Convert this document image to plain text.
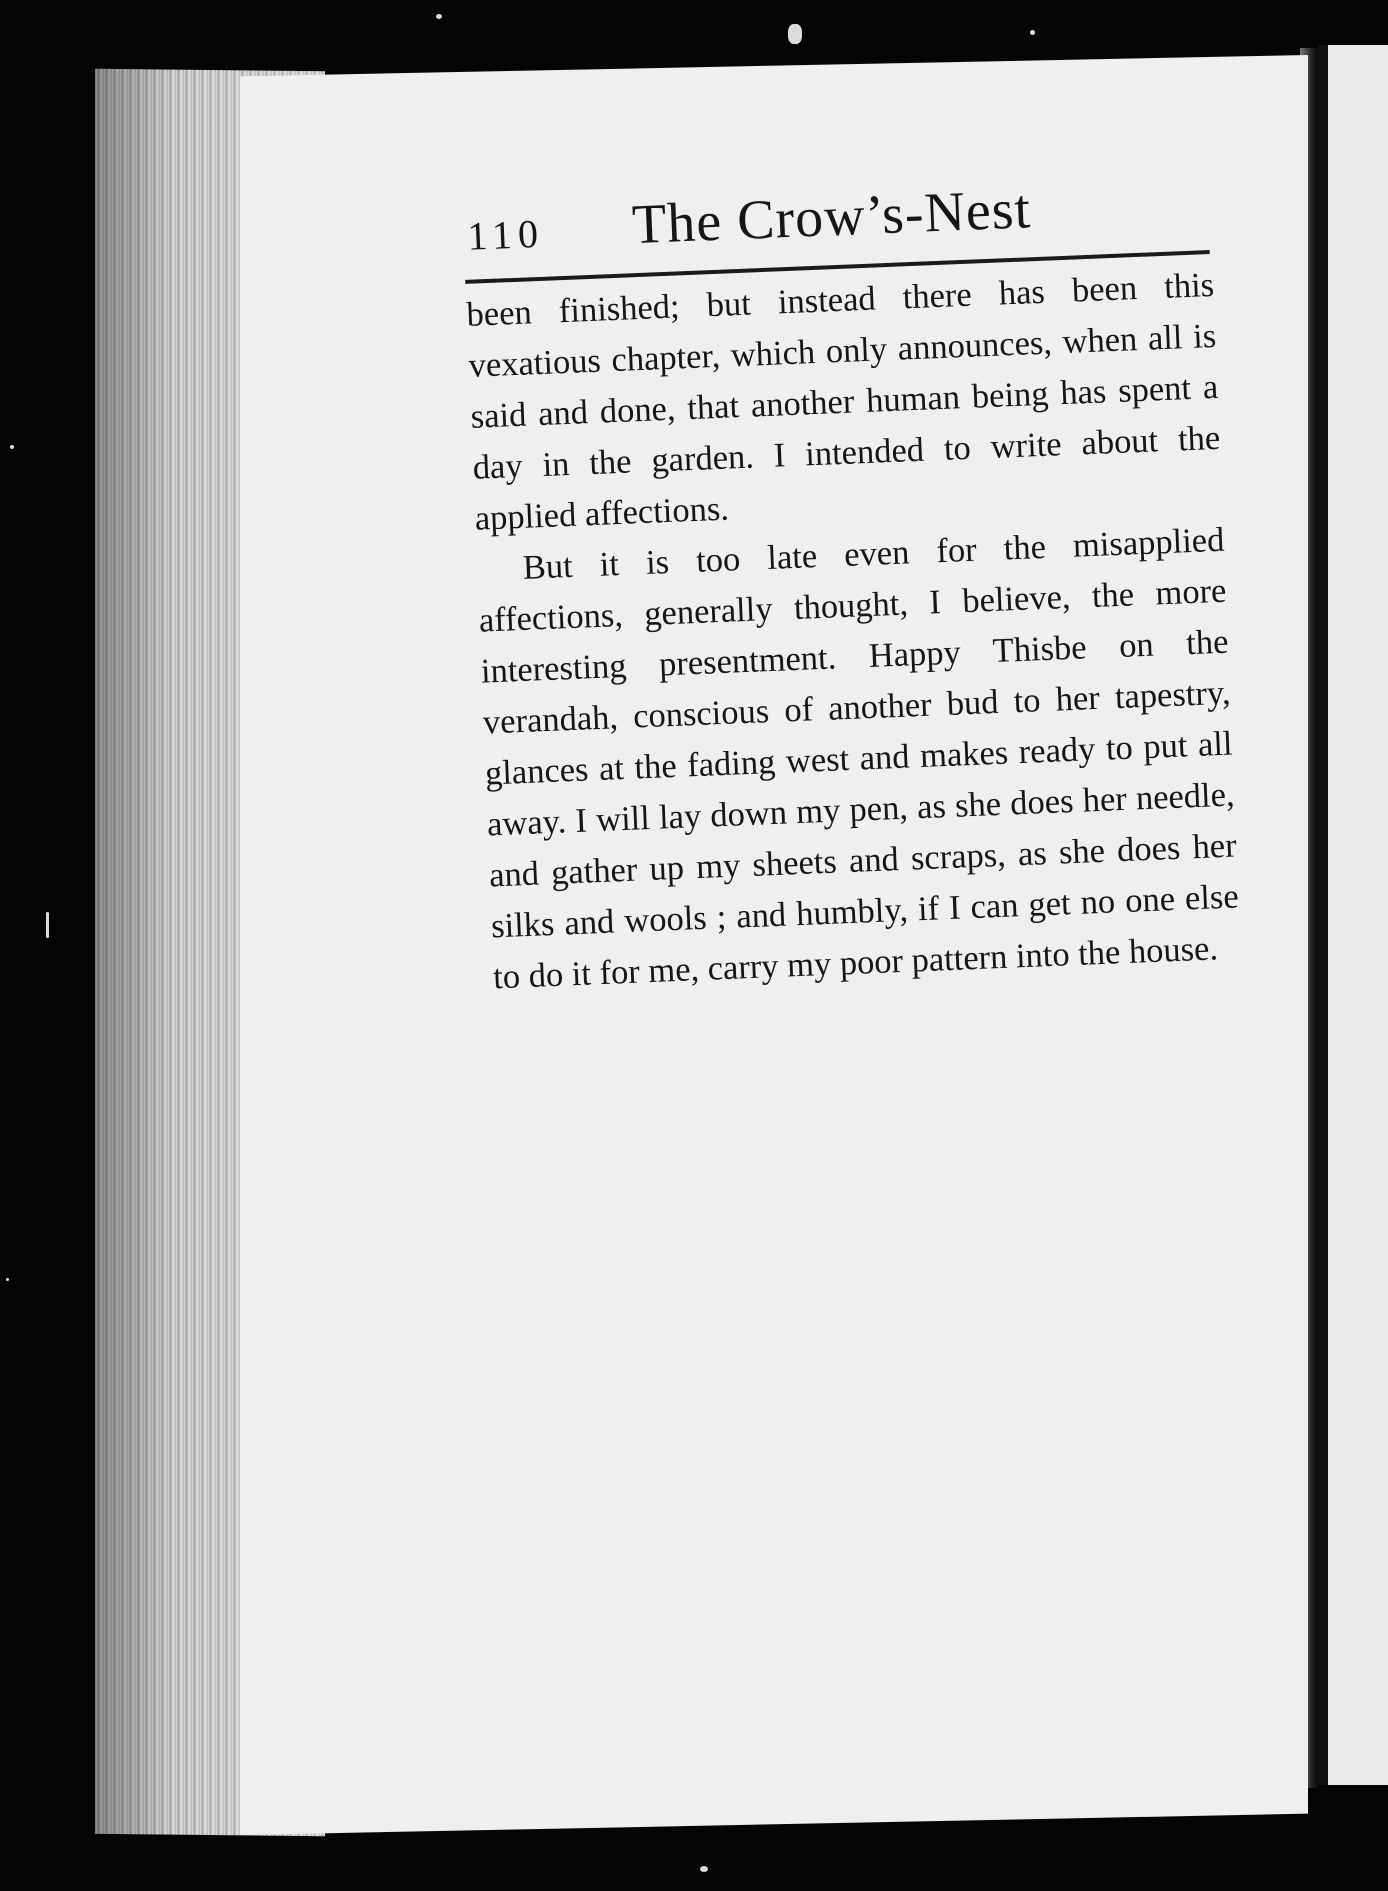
110	The Crow’s-Nest

been finished; but instead there has been this vexatious chapter, which only announces, when all is said and done, that another human being has spent a day in the garden. I intended to write about the applied affections.

But it is too late even for the misapplied affections, generally thought, I believe, the more interesting presentment. Happy Thisbe on the verandah, conscious of another bud to her tapestry, glances at the fading west and makes ready to put all away. I will lay down my pen, as she does her needle, and gather up my sheets and scraps, as she does her silks and wools ; and humbly, if I can get no one else to do it for me, carry my poor pattern into the house.
